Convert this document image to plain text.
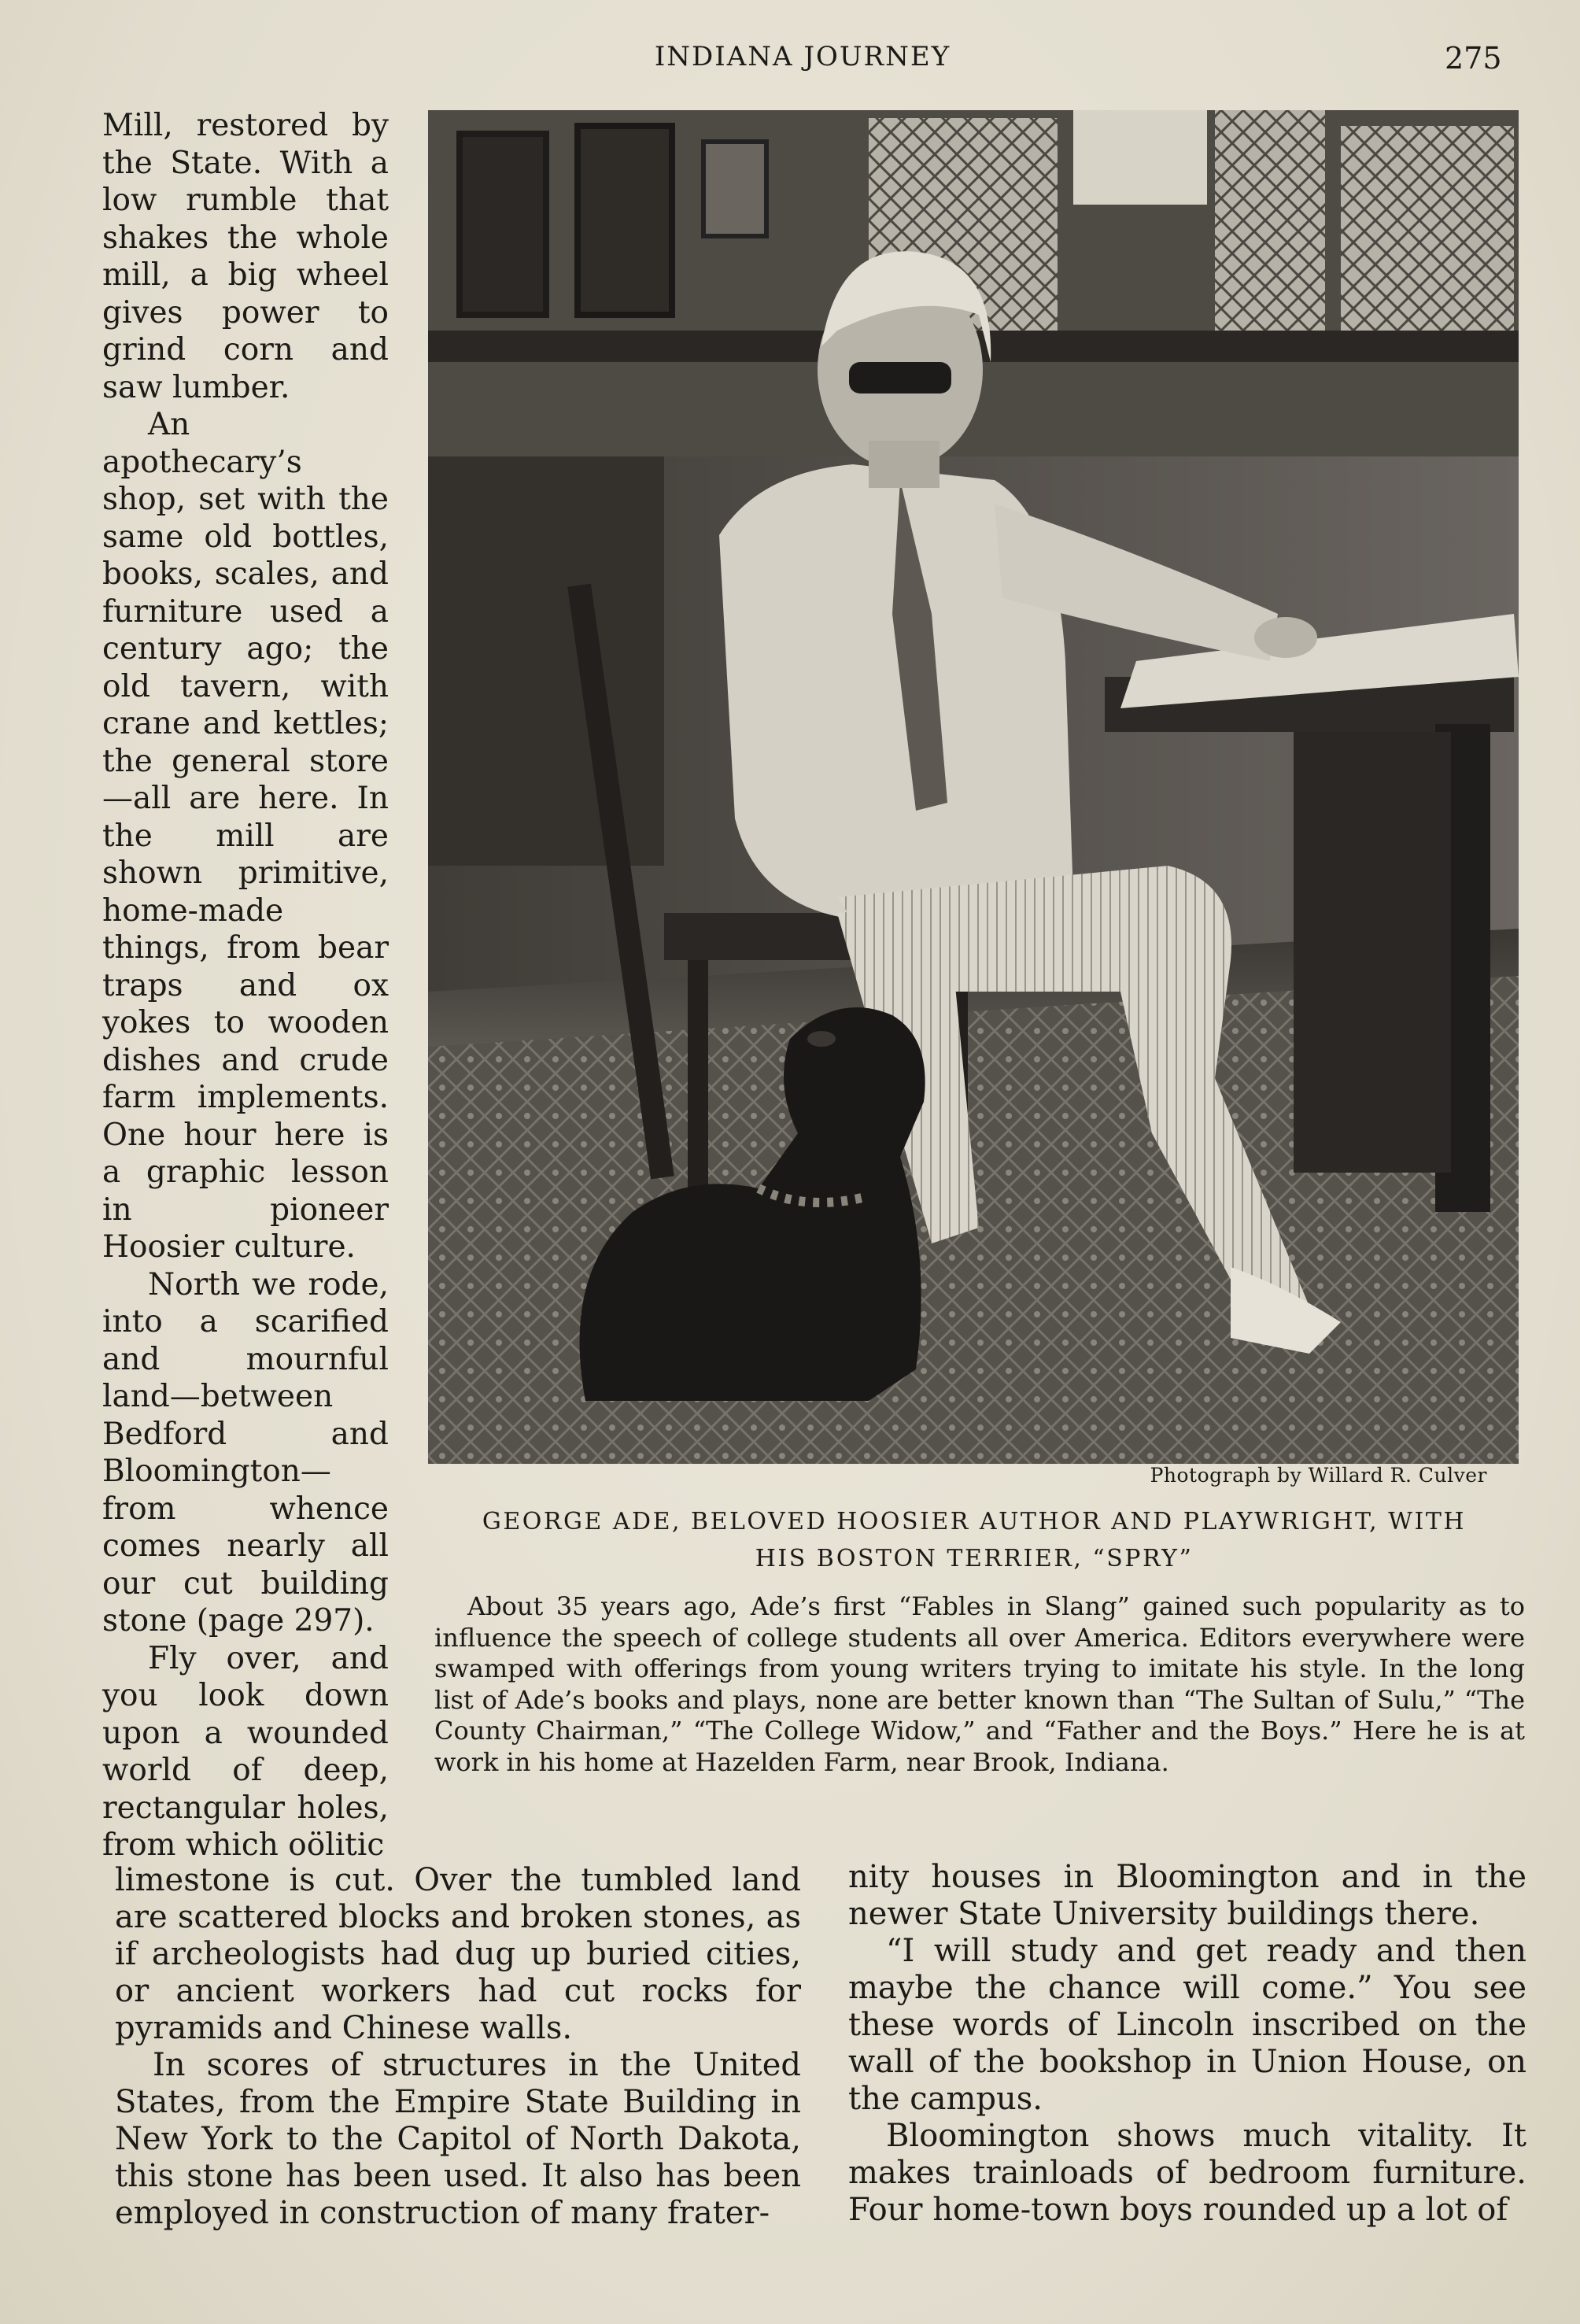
INDIANA JOURNEY	275

Mill, restored by the State. With a low rumble that shakes the whole mill, a big wheel gives power to grind corn and saw lumber.

An apothecary’s shop, set with the same old bottles, books, scales, and furniture used a century ago; the old tavern, with crane and kettles; the general store—all are here. In the mill are shown primitive, home-made things, from bear traps and ox yokes to wooden dishes and crude farm implements. One hour here is a graphic lesson in pioneer Hoosier culture.

North we rode, into a scarified and mournful land—between Bedford and Bloomington—from whence comes nearly all our cut building stone (page 297).

Fly over, and you look down upon a wounded world of deep, rectangular holes, from which oölitic

Photograph by Willard R. Culver
GEORGE ADE, BELOVED HOOSIER AUTHOR AND PLAYWRIGHT, WITH
HIS BOSTON TERRIER, “SPRY”

About 35 years ago, Ade’s first “Fables in Slang” gained such popularity as to influence the speech of college students all over America. Editors everywhere were swamped with offerings from young writers trying to imitate his style. In the long list of Ade’s books and plays, none are better known than “The Sultan of Sulu,” “The County Chairman,” “The College Widow,” and “Father and the Boys.” Here he is at work in his home at Hazelden Farm, near Brook, Indiana.

limestone is cut. Over the tumbled land are scattered blocks and broken stones, as if archeologists had dug up buried cities, or ancient workers had cut rocks for pyramids and Chinese walls.

In scores of structures in the United States, from the Empire State Building in New York to the Capitol of North Dakota, this stone has been used. It also has been employed in construction of many frater-

nity houses in Bloomington and in the newer State University buildings there.

“I will study and get ready and then maybe the chance will come.” You see these words of Lincoln inscribed on the wall of the bookshop in Union House, on the campus.

Bloomington shows much vitality. It makes trainloads of bedroom furniture. Four home-town boys rounded up a lot of
